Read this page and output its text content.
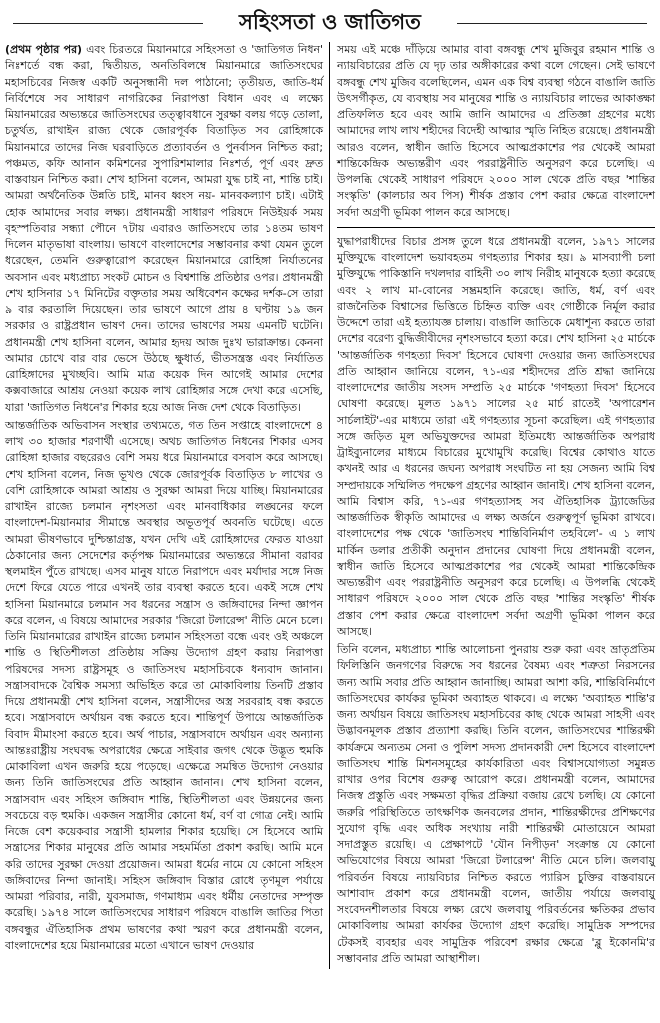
সহিংসতা ও জাতিগত

(প্রথম পৃষ্ঠার পর) এবং চিরতরে মিয়ানমারে সহিংসতা ও 'জাতিগত নিধন' নিঃশর্তে বন্ধ করা, দ্বিতীয়ত, অনতিবিলম্বে মিয়ানমারে জাতিসংঘের মহাসচিবের নিজস্ব একটি অনুসন্ধানী দল পাঠানো; তৃতীয়ত, জাতি-ধর্ম নির্বিশেষে সব সাধারণ নাগরিকের নিরাপত্তা বিধান এবং এ লক্ষ্যে মিয়ানমারের অভ্যন্তরে জাতিসংঘের তত্ত্বাবধানে সুরক্ষা বলয় গড়ে তোলা, চতুর্থত, রাখাইন রাজ্য থেকে জোরপূর্বক বিতাড়িত সব রোহিঙ্গাকে মিয়ানমারে তাদের নিজ ঘরবাড়িতে প্রত্যাবর্তন ও পুনর্বাসন নিশ্চিত করা; পঞ্চমত, কফি আনান কমিশনের সুপারিশমালার নিঃশর্ত, পূর্ণ এবং দ্রুত বাস্তবায়ন নিশ্চিত করা। শেখ হাসিনা বলেন, আমরা যুদ্ধ চাই না, শান্তি চাই। আমরা অর্থনৈতিক উন্নতি চাই, মানব ধ্বংস নয়- মানবকল্যাণ চাই। এটাই হোক আমাদের সবার লক্ষ্য। প্রধানমন্ত্রী সাধারণ পরিষদে নিউইয়র্ক সময় বৃহস্পতিবার সন্ধ্যা পৌনে ৭টায় এবারও জাতিসংঘে তার ১৪তম ভাষণ দিলেন মাতৃভাষা বাংলায়। ভাষণে বাংলাদেশের সম্ভাবনার কথা যেমন তুলে ধরেছেন, তেমনি গুরুত্বারোপ করেছেন মিয়ানমারে রোহিঙ্গা নির্যাতনের অবসান এবং মধ্যপ্রাচ্য সংকট মোচন ও বিশ্বশান্তি প্রতিষ্ঠার ওপর। প্রধানমন্ত্রী শেখ হাসিনার ১৭ মিনিটের বক্তৃতার সময় অধিবেশন কক্ষের দর্শক-সে তারা ৯ বার করতালি দিয়েছেন। তার ভাষণে আগে প্রায় ৪ ঘণ্টায় ১৯ জন সরকার ও রাষ্ট্রপ্রধান ভাষণ দেন। তাদের ভাষণের সময় এমনটি ঘটেনি। প্রধানমন্ত্রী শেখ হাসিনা বলেন, আমার হৃদয় আজ দুঃখ ভারাক্রান্ত। কেননা আমার চোখে বার বার ভেসে উঠছে ক্ষুধার্ত, ভীতসন্ত্রস্ত এবং নির্যাতিত রোহিঙ্গাদের মুখচ্ছবি। আমি মাত্র কয়েক দিন আগেই আমার দেশের কক্সবাজারে আশ্রয় নেওয়া কয়েক লাখ রোহিঙ্গার সঙ্গে দেখা করে এসেছি, যারা 'জাতিগত নিধনে'র শিকার হয়ে আজ নিজ দেশ থেকে বিতাড়িত।

আন্তর্জাতিক অভিবাসন সংস্থার তথ্যমতে, গত তিন সপ্তাহে বাংলাদেশে ৪ লাখ ৩০ হাজার শরণার্থী এসেছে। অথচ জাতিগত নিধনের শিকার এসব রোহিঙ্গা হাজার বছরেরও বেশি সময় ধরে মিয়ানমারে বসবাস করে আসছে। শেখ হাসিনা বলেন, নিজ ভূখণ্ড থেকে জোরপূর্বক বিতাড়িত ৮ লাখের ও বেশি রোহিঙ্গাকে আমরা আশ্রয় ও সুরক্ষা আমরা দিয়ে যাচ্ছি। মিয়ানমারের রাখাইন রাজ্যে চলমান নৃশংসতা এবং মানবাধিকার লঙ্ঘনের ফলে বাংলাদেশ-মিয়ানমার সীমান্তে অবস্থার অভূতপূর্ব অবনতি ঘটেছে। এতে আমরা ভীষণভাবে দুশ্চিন্তাগ্রস্ত, যখন দেখি এই রোহিঙ্গাদের ফেরত যাওয়া ঠেকানোর জন্য সেদেশের কর্তৃপক্ষ মিয়ানমারের অভ্যন্তরে সীমানা বরাবর স্থলমাইন পুঁতে রাখছে। এসব মানুষ যাতে নিরাপদে এবং মর্যাদার সঙ্গে নিজ দেশে ফিরে যেতে পারে এখনই তার ব্যবস্থা করতে হবে। একই সঙ্গে শেখ হাসিনা মিয়ানমারে চলমান সব ধরনের সন্ত্রাস ও জঙ্গিবাদের নিন্দা জ্ঞাপন করে বলেন, এ বিষয়ে আমাদের সরকার 'জিরো টলারেন্স' নীতি মেনে চলে। তিনি মিয়ানমারের রাখাইন রাজ্যে চলমান সহিংসতা বন্ধে এবং ওই অঞ্চলে শান্তি ও স্থিতিশীলতা প্রতিষ্ঠায় সক্রিয় উদ্যোগ গ্রহণ করায় নিরাপত্তা পরিষদের সদস্য রাষ্ট্রসমূহ ও জাতিসংঘ মহাসচিবকে ধন্যবাদ জানান। সন্ত্রাসবাদকে বৈশ্বিক সমস্যা অভিহিত করে তা মোকাবিলায় তিনটি প্রস্তাব দিয়ে প্রধানমন্ত্রী শেখ হাসিনা বলেন, সন্ত্রাসীদের অস্ত্র সরবরাহ বন্ধ করতে হবে। সন্ত্রাসবাদে অর্থায়ন বন্ধ করতে হবে। শান্তিপূর্ণ উপায়ে আন্তর্জাতিক বিবাদ মীমাংসা করতে হবে। অর্থ পাচার, সন্ত্রাসবাদে অর্থায়ন এবং অন্যান্য আন্তঃরাষ্ট্রীয় সংঘবদ্ধ অপরাধের ক্ষেত্রে সাইবার জগৎ থেকে উদ্ভূত হুমকি মোকাবিলা এখন জরুরি হয়ে পড়েছে। এক্ষেত্রে সমন্বিত উদ্যোগ নেওয়ার জন্য তিনি জাতিসংঘের প্রতি আহ্বান জানান। শেখ হাসিনা বলেন, সন্ত্রাসবাদ এবং সহিংস জঙ্গিবাদ শান্তি, স্থিতিশীলতা এবং উন্নয়নের জন্য সবচেয়ে বড় হুমকি। একজন সন্ত্রাসীর কোনো ধর্ম, বর্ণ বা গোত্র নেই। আমি নিজে বেশ কয়েকবার সন্ত্রাসী হামলার শিকার হয়েছি। সে হিসেবে আমি সন্ত্রাসের শিকার মানুষের প্রতি আমার সহমর্মিতা প্রকাশ করছি। আমি মনে করি তাদের সুরক্ষা দেওয়া প্রয়োজন। আমরা ধর্মের নামে যে কোনো সহিংস জঙ্গিবাদের নিন্দা জানাই। সহিংস জঙ্গিবাদ বিস্তার রোধে তৃণমূল পর্যায়ে আমরা পরিবার, নারী, যুবসমাজ, গণমাধ্যম এবং ধর্মীয় নেতাদের সম্পৃক্ত করেছি। ১৯৭৪ সালে জাতিসংঘের সাধারণ পরিষদে বাঙালি জাতির পিতা বঙ্গবন্ধুর ঐতিহাসিক প্রথম ভাষণের কথা স্মরণ করে প্রধানমন্ত্রী বলেন, বাংলাদেশের হয়ে মিয়ানমারের মতো এখানে ভাষণ দেওয়ার

সময় এই মঞ্চে দাঁড়িয়ে আমার বাবা বঙ্গবন্ধু শেখ মুজিবুর রহমান শান্তি ও ন্যায়বিচারের প্রতি যে দৃঢ় তার অঙ্গীকারের কথা বলে গেছেন। সেই ভাষণে বঙ্গবন্ধু শেখ মুজিব বলেছিলেন, এমন এক বিশ্ব ব্যবস্থা গঠনে বাঙালি জাতি উৎসর্গীকৃত, যে ব্যবস্থায় সব মানুষের শান্তি ও ন্যায়বিচার লাভের আকাঙ্ক্ষা প্রতিফলিত হবে এবং আমি জানি আমাদের এ প্রতিজ্ঞা গ্রহণের মধ্যে আমাদের লাখ লাখ শহীদের বিদেহী আত্মার স্মৃতি নিহিত রয়েছে। প্রধানমন্ত্রী আরও বলেন, স্বাধীন জাতি হিসেবে আত্মপ্রকাশের পর থেকেই আমরা শান্তিকেন্দ্রিক অভ্যন্তরীণ এবং পররাষ্ট্রনীতি অনুসরণ করে চলেছি। এ উপলব্ধি থেকেই সাধারণ পরিষদে ২০০০ সাল থেকে প্রতি বছর 'শান্তির সংস্কৃতি' (কালচার অব পিস) শীর্ষক প্রস্তাব পেশ করার ক্ষেত্রে বাংলাদেশ সর্বদা অগ্রণী ভূমিকা পালন করে আসছে।

যুদ্ধাপরাধীদের বিচার প্রসঙ্গ তুলে ধরে প্রধানমন্ত্রী বলেন, ১৯৭১ সালের মুক্তিযুদ্ধে বাংলাদেশ ভয়াবহতম গণহত্যার শিকার হয়। ৯ মাসব্যাপী চলা মুক্তিযুদ্ধে পাকিস্তানি দখলদার বাহিনী ৩০ লাখ নিরীহ মানুষকে হত্যা করেছে এবং ২ লাখ মা-বোনের সম্ভ্রমহানি করেছে। জাতি, ধর্ম, বর্ণ এবং রাজনৈতিক বিশ্বাসের ভিত্তিতে চিহ্নিত ব্যক্তি এবং গোষ্ঠীকে নির্মূল করার উদ্দেশে তারা এই হত্যাযজ্ঞ চালায়। বাঙালি জাতিকে মেধাশূন্য করতে তারা দেশের বরেণ্য বুদ্ধিজীবীদের নৃশংসভাবে হত্যা করে। শেখ হাসিনা ২৫ মার্চকে 'আন্তর্জাতিক গণহত্যা দিবস' হিসেবে ঘোষণা দেওয়ার জন্য জাতিসংঘের প্রতি আহ্বান জানিয়ে বলেন, ৭১-এর শহীদদের প্রতি শ্রদ্ধা জানিয়ে বাংলাদেশের জাতীয় সংসদ সম্প্রতি ২৫ মার্চকে 'গণহত্যা দিবস' হিসেবে ঘোষণা করেছে। মূলত ১৯৭১ সালের ২৫ মার্চ রাতেই 'অপারেশন সার্চলাইট'-এর মাধ্যমে তারা এই গণহত্যার সূচনা করেছিল। এই গণহত্যার সঙ্গে জড়িত মূল অভিযুক্তদের আমরা ইতিমধ্যে আন্তর্জাতিক অপরাধ ট্রাইব্যুনালের মাধ্যমে বিচারের মুখোমুখি করেছি। বিশ্বের কোথাও যাতে কখনই আর এ ধরনের জঘন্য অপরাধ সংঘটিত না হয় সেজন্য আমি বিশ্ব সম্প্রদায়কে সম্মিলিত পদক্ষেপ গ্রহণের আহ্বান জানাই। শেখ হাসিনা বলেন, আমি বিশ্বাস করি, ৭১-এর গণহত্যাসহ সব ঐতিহাসিক ট্র্যাজেডির আন্তর্জাতিক স্বীকৃতি আমাদের এ লক্ষ্য অর্জনে গুরুত্বপূর্ণ ভূমিকা রাখবে। বাংলাদেশের পক্ষ থেকে 'জাতিসংঘ শান্তিবিনির্মাণ তহবিলে'- এ ১ লাখ মার্কিন ডলার প্রতীকী অনুদান প্রদানের ঘোষণা দিয়ে প্রধানমন্ত্রী বলেন, স্বাধীন জাতি হিসেবে আত্মপ্রকাশের পর থেকেই আমরা শান্তিকেন্দ্রিক অভ্যন্তরীণ এবং পররাষ্ট্রনীতি অনুসরণ করে চলেছি। এ উপলব্ধি থেকেই সাধারণ পরিষদে ২০০০ সাল থেকে প্রতি বছর 'শান্তির সংস্কৃতি' শীর্ষক প্রস্তাব পেশ করার ক্ষেত্রে বাংলাদেশ সর্বদা অগ্রণী ভূমিকা পালন করে আসছে।

তিনি বলেন, মধ্যপ্রাচ্য শান্তি আলোচনা পুনরায় শুরু করা এবং ভ্রাতৃপ্রতিম ফিলিস্তিনি জনগণের বিরুদ্ধে সব ধরনের বৈষম্য এবং শত্রুতা নিরসনের জন্য আমি সবার প্রতি আহ্বান জানাচ্ছি। আমরা আশা করি, শান্তিবিনির্মাণে জাতিসংঘের কার্যকর ভূমিকা অব্যাহত থাকবে। এ লক্ষ্যে 'অব্যাহত শান্তি'র জন্য অর্থায়ন বিষয়ে জাতিসংঘ মহাসচিবের কাছ থেকে আমরা সাহসী এবং উদ্ভাবনমূলক প্রস্তাব প্রত্যাশা করছি। তিনি বলেন, জাতিসংঘের শান্তিরক্ষী কার্যক্রমে অন্যতম সেনা ও পুলিশ সদস্য প্রদানকারী দেশ হিসেবে বাংলাদেশ জাতিসংঘ শান্তি মিশনসমূহের কার্যকারিতা এবং বিশ্বাসযোগ্যতা সমুন্নত রাখার ওপর বিশেষ গুরুত্ব আরোপ করে। প্রধানমন্ত্রী বলেন, আমাদের নিজস্ব প্রস্তুতি এবং সক্ষমতা বৃদ্ধির প্রক্রিয়া বজায় রেখে চলছি। যে কোনো জরুরি পরিস্থিতিতে তাৎক্ষণিক জনবলের প্রদান, শান্তিরক্ষীদের প্রশিক্ষণের সুযোগ বৃদ্ধি এবং অধিক সংখ্যায় নারী শান্তিরক্ষী মোতায়েনে আমরা সদাপ্রস্তুত রয়েছি। এ প্রেক্ষাপটে 'যৌন নিপীড়ন' সংক্রান্ত যে কোনো অভিযোগের বিষয়ে আমরা 'জিরো টলারেন্স' নীতি মেনে চলি। জলবায়ু পরিবর্তন বিষয়ে ন্যায়বিচার নিশ্চিত করতে প্যারিস চুক্তির বাস্তবায়নে আশাবাদ প্রকাশ করে প্রধানমন্ত্রী বলেন, জাতীয় পর্যায়ে জলবায়ু সংবেদনশীলতার বিষয়ে লক্ষ্য রেখে জলবায়ু পরিবর্তনের ক্ষতিকর প্রভাব মোকাবিলায় আমরা কার্যকর উদ্যোগ গ্রহণ করেছি। সামুদ্রিক সম্পদের টেকসই ব্যবহার এবং সামুদ্রিক পরিবেশ রক্ষার ক্ষেত্রে 'ব্লু ইকোনমি'র সম্ভাবনার প্রতি আমরা আস্থাশীল।
